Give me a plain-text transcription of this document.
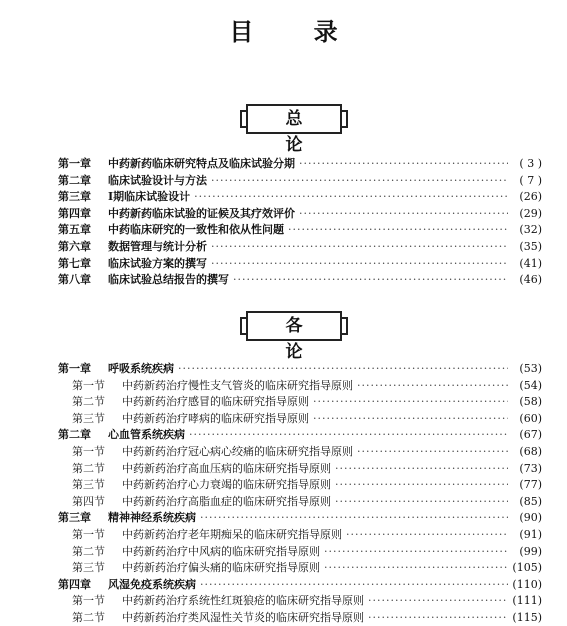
目 录
总 论
第一章	中药新药临床研究特点及临床试验分期 ·····	( 3 )
第二章	临床试验设计与方法 ·····	( 7 )
第三章	Ⅰ期临床试验设计 ·····	(26)
第四章	中药新药临床试验的证候及其疗效评价 ·····	(29)
第五章	中药临床研究的一致性和依从性问题 ·····	(32)
第六章	数据管理与统计分析 ·····	(35)
第七章	临床试验方案的撰写 ·····	(41)
第八章	临床试验总结报告的撰写 ·····	(46)
各 论
第一章	呼吸系统疾病 ·····	(53)
第一节	中药新药治疗慢性支气管炎的临床研究指导原则 ·····	(54)
第二节	中药新药治疗感冒的临床研究指导原则 ·····	(58)
第三节	中药新药治疗哮病的临床研究指导原则 ·····	(60)
第二章	心血管系统疾病 ·····	(67)
第一节	中药新药治疗冠心病心绞痛的临床研究指导原则 ·····	(68)
第二节	中药新药治疗高血压病的临床研究指导原则 ·····	(73)
第三节	中药新药治疗心力衰竭的临床研究指导原则 ·····	(77)
第四节	中药新药治疗高脂血症的临床研究指导原则 ·····	(85)
第三章	精神神经系统疾病 ·····	(90)
第一节	中药新药治疗老年期痴呆的临床研究指导原则 ·····	(91)
第二节	中药新药治疗中风病的临床研究指导原则 ·····	(99)
第三节	中药新药治疗偏头痛的临床研究指导原则 ·····	(105)
第四章	风湿免疫系统疾病 ·····	(110)
第一节	中药新药治疗系统性红斑狼疮的临床研究指导原则 ·····	(111)
第二节	中药新药治疗类风湿性关节炎的临床研究指导原则 ·····	(115)
